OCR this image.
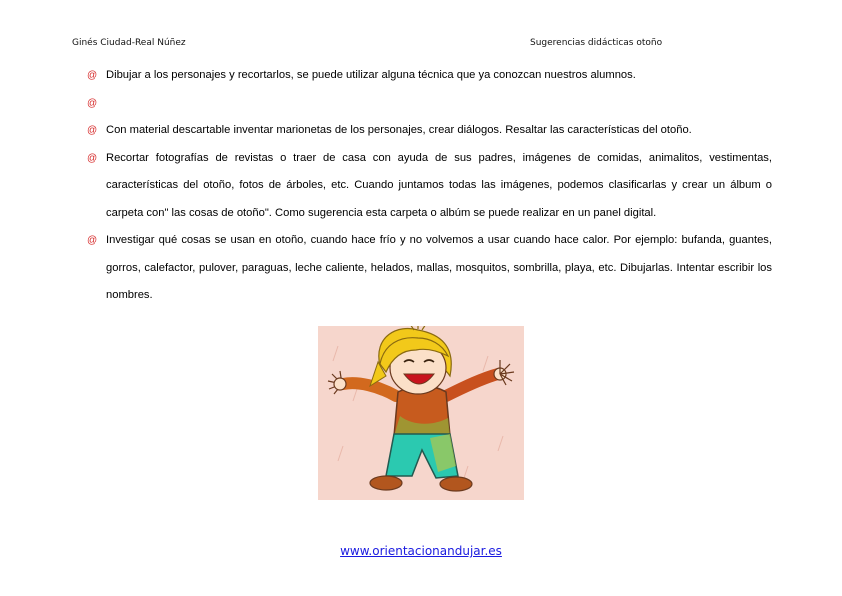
Ginés Ciudad-Real Núñez	Sugerencias didácticas otoño
@ Dibujar a los personajes y recortarlos, se puede utilizar alguna técnica que ya conozcan nuestros alumnos.
@
@ Con material descartable inventar marionetas de los personajes, crear diálogos. Resaltar las características del otoño.
@ Recortar fotografías de revistas o traer de casa con ayuda de sus padres, imágenes de comidas, animalitos, vestimentas, características del otoño, fotos de árboles, etc. Cuando juntamos todas las imágenes, podemos clasificarlas y crear un álbum o carpeta con" las cosas de otoño". Como sugerencia esta carpeta o albúm se puede realizar en un panel digital.
@ Investigar qué cosas se usan en otoño, cuando hace frío y no volvemos a usar cuando hace calor. Por ejemplo: bufanda, guantes, gorros, calefactor, pulover, paraguas, leche caliente, helados, mallas, mosquitos, sombrilla, playa, etc. Dibujarlas. Intentar escribir los nombres.
www.orientacionandujar.es
